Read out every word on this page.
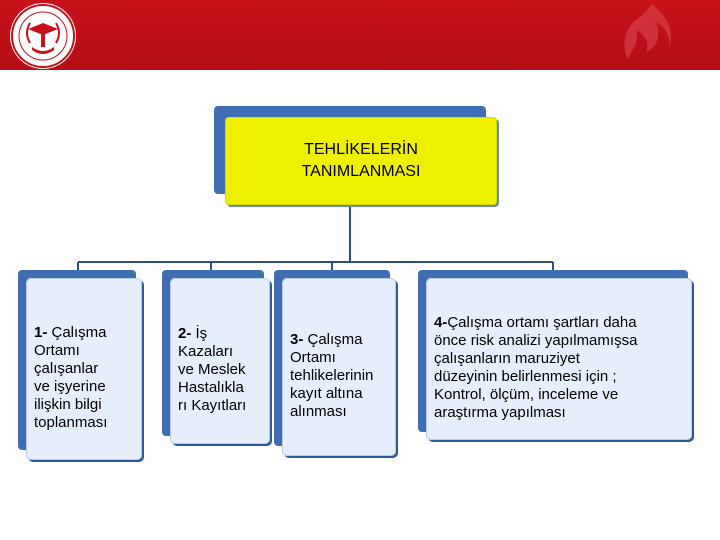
TEHLİKELERİN
TANIMLANMASI

1- Çalışma
Ortamı
çalışanlar
ve işyerine
ilişkin bilgi
toplanması

2- İş
Kazaları
ve Meslek
Hastalıkla
rı Kayıtları

3- Çalışma
Ortamı
tehlikelerinin
kayıt altına
alınması

4-Çalışma ortamı şartları daha
önce risk analizi yapılmamışsa
çalışanların maruziyet
düzeyinin belirlenmesi için ;
Kontrol, ölçüm, inceleme ve
araştırma yapılması
